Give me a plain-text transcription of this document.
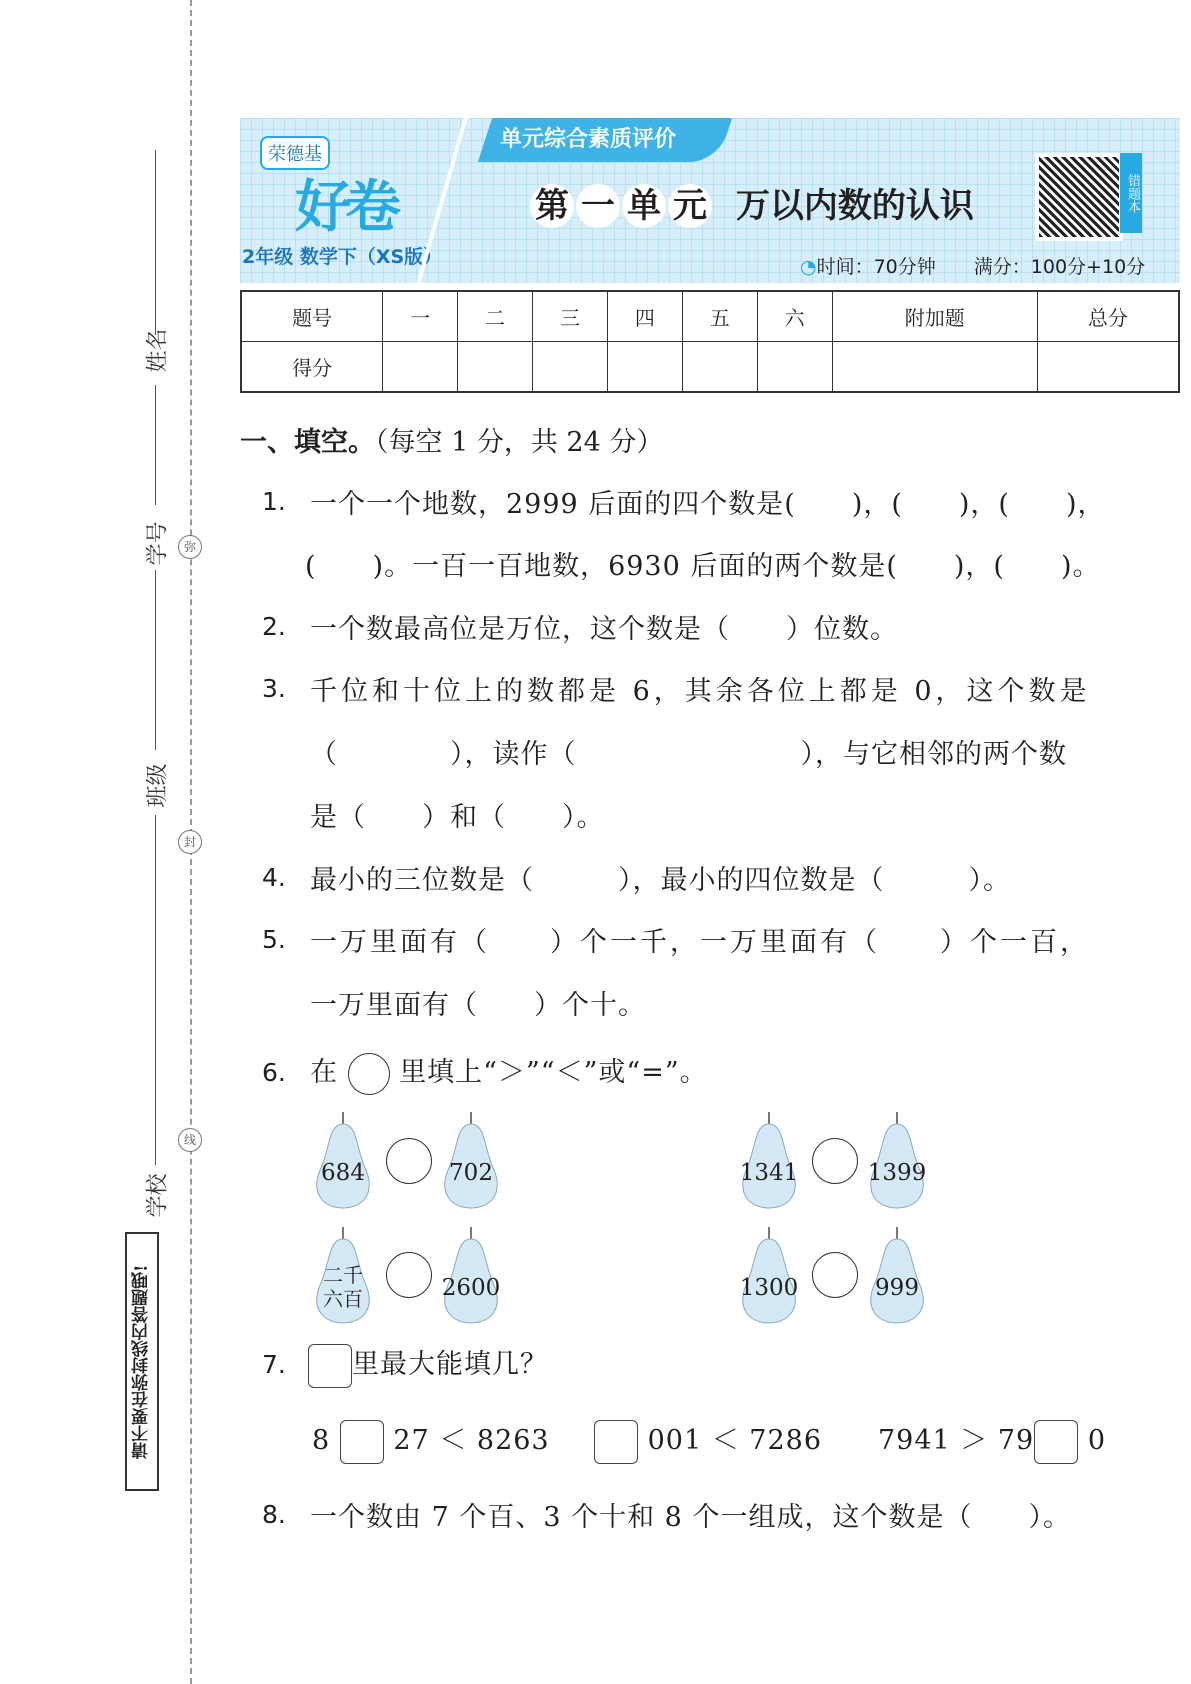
姓名
学号
班级
学校
弥
封
线
请不要在弥封线内答题哦!
荣德基
好卷
2年级 数学下（XS版）
单元综合素质评价
第 一 单 元 万以内数的认识	错题本
◔时间：70分钟　　 满分：100分+10分
题号	一	二	三	四	五	六	附加题	总分
得分								
一、填空。（每空 1 分，共 24 分）
1. 一个一个地数，2999 后面的四个数是(　　)，(　　)，(　　)，
(　　)。一百一百地数，6930 后面的两个数是(　　)，(　　)。
2. 一个数最高位是万位，这个数是（　　）位数。
3. 千位和十位上的数都是 6，其余各位上都是 0，这个数是
（　　　　），读作（　　　　　　　　），与它相邻的两个数
是（　　）和（　　）。
4. 最小的三位数是（　　　），最小的四位数是（　　　）。
5. 一万里面有（　　）个一千，一万里面有（　　）个一百，
一万里面有（　　）个十。
6. 在 里填上“＞”“＜”或“=”。
684	702	1341	1399
二千六百	2600	1300	999
7.	里最大能填几？
8 27 ＜ 8263	001 ＜ 7286 7941 ＞ 79 0
8. 一个数由 7 个百、3 个十和 8 个一组成，这个数是（　　）。
